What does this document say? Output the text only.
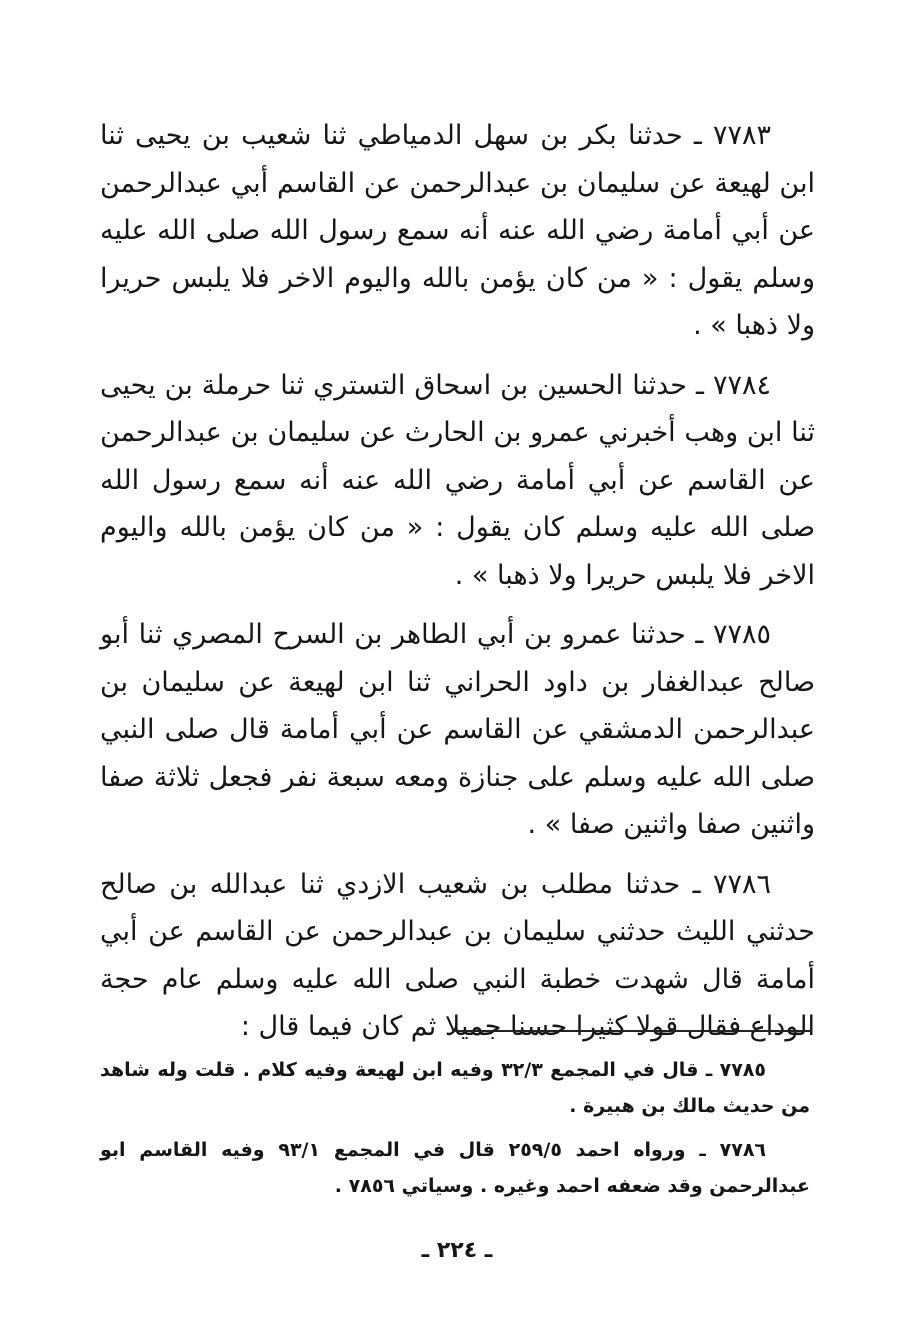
٧٧٨٣ ـ حدثنا بكر بن سهل الدمياطي ثنا شعيب بن يحيى ثنا ابن لهيعة عن سليمان بن عبدالرحمن عن القاسم أبي عبدالرحمن عن أبي أمامة رضي الله عنه أنه سمع رسول الله صلى الله عليه وسلم يقول : « من كان يؤمن بالله واليوم الاخر فلا يلبس حريرا ولا ذهبا » .

٧٧٨٤ ـ حدثنا الحسين بن اسحاق التستري ثنا حرملة بن يحيى ثنا ابن وهب أخبرني عمرو بن الحارث عن سليمان بن عبدالرحمن عن القاسم عن أبي أمامة رضي الله عنه أنه سمع رسول الله صلى الله عليه وسلم كان يقول : « من كان يؤمن بالله واليوم الاخر فلا يلبس حريرا ولا ذهبا » .

٧٧٨٥ ـ حدثنا عمرو بن أبي الطاهر بن السرح المصري ثنا أبو صالح عبدالغفار بن داود الحراني ثنا ابن لهيعة عن سليمان بن عبدالرحمن الدمشقي عن القاسم عن أبي أمامة قال صلى النبي صلى الله عليه وسلم على جنازة ومعه سبعة نفر فجعل ثلاثة صفا واثنين صفا واثنين صفا » .

٧٧٨٦ ـ حدثنا مطلب بن شعيب الازدي ثنا عبدالله بن صالح حدثني الليث حدثني سليمان بن عبدالرحمن عن القاسم عن أبي أمامة قال شهدت خطبة النبي صلى الله عليه وسلم عام حجة الوداع فقال قولا كثيرا حسنا جميلا ثم كان فيما قال :

٧٧٨٥ ـ قال في المجمع ٣٢/٣ وفيه ابن لهيعة وفيه كلام . قلت وله شاهد من حديث مالك بن هبيرة .

٧٧٨٦ ـ ورواه احمد ٢٥٩/٥ قال في المجمع ٩٣/١ وفيه القاسم ابو عبدالرحمن وقد ضعفه احمد وغيره . وسياتي ٧٨٥٦ .

ـ ٢٢٤ ـ
